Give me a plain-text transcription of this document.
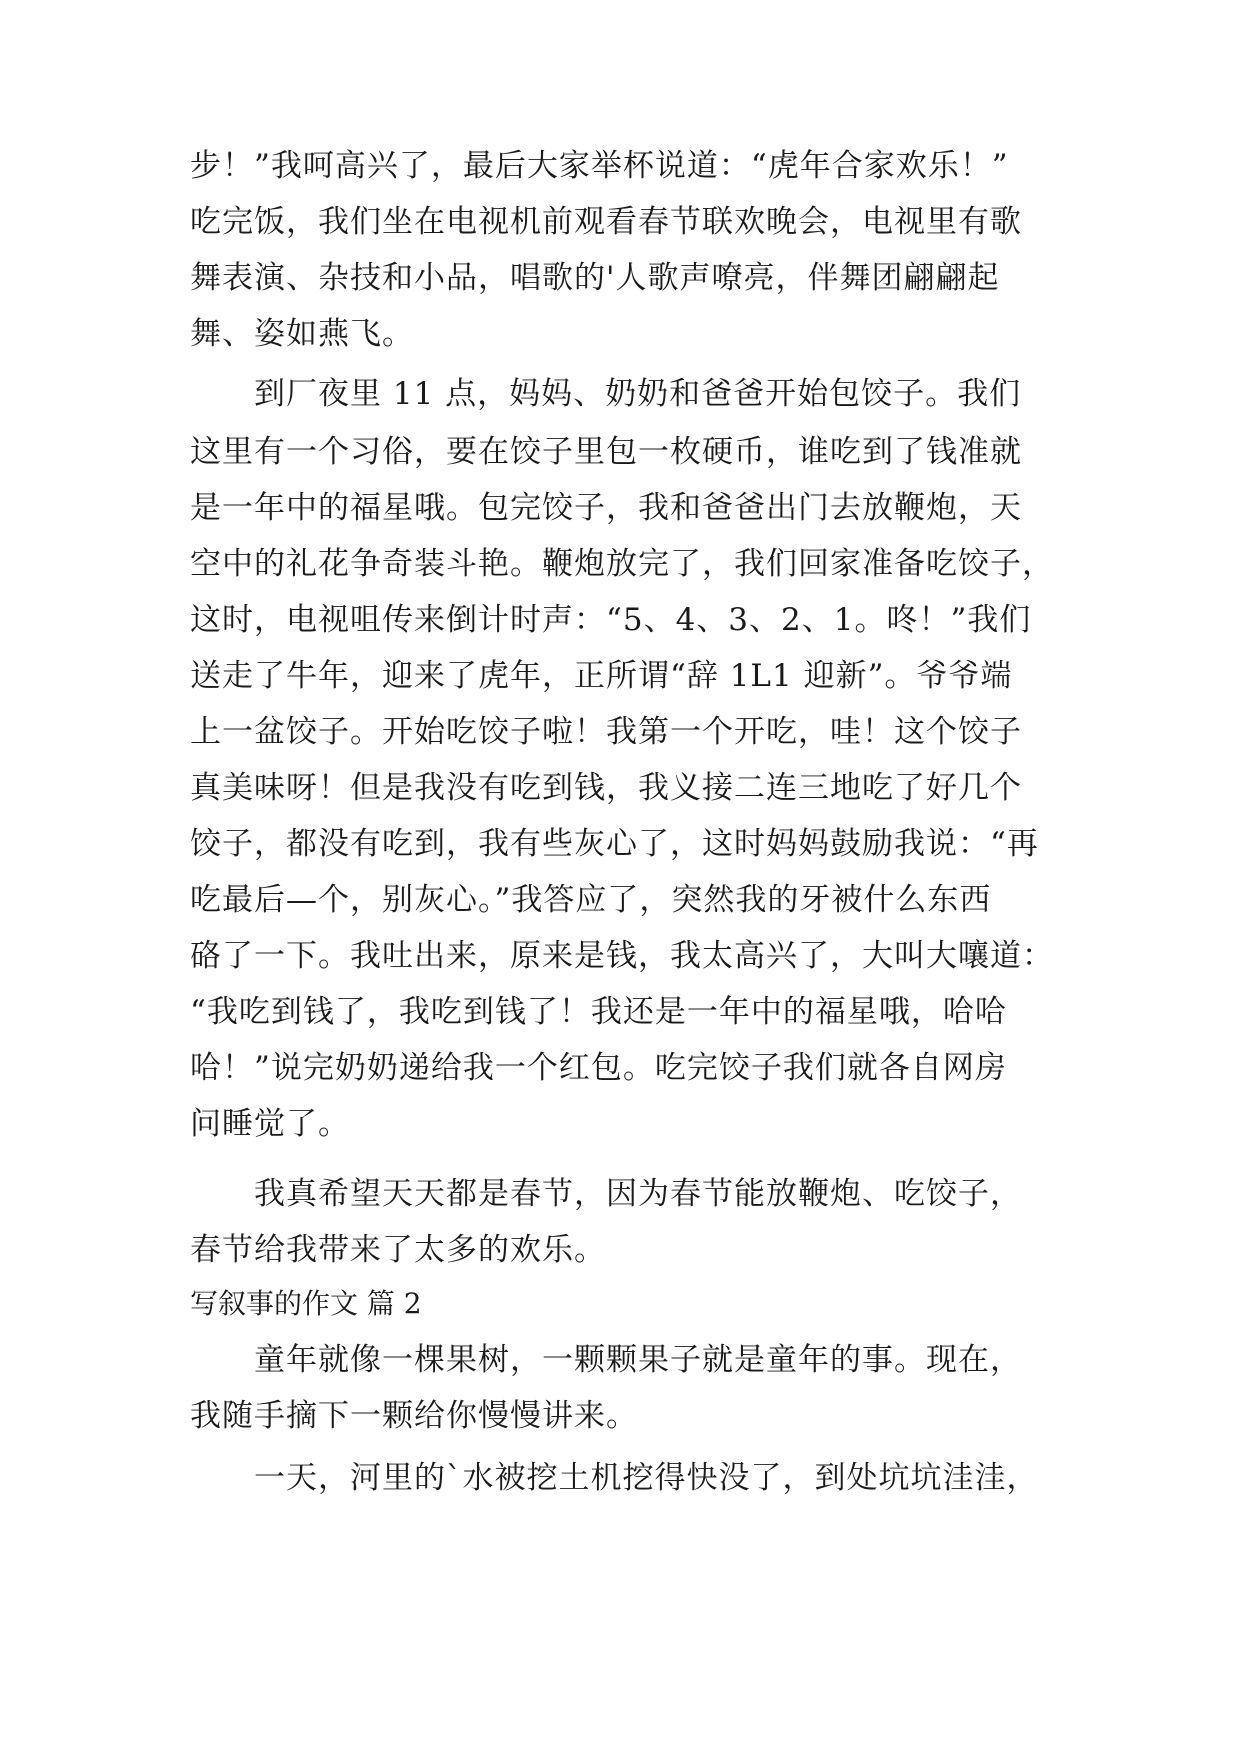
步！”我呵高兴了，最后大家举杯说道：“虎年合家欢乐！”
吃完饭，我们坐在电视机前观看春节联欢晚会，电视里有歌
舞表演、杂技和小品，唱歌的'人歌声嘹亮，伴舞团翩翩起
舞、姿如燕飞。
到厂夜里 11 点，妈妈、奶奶和爸爸开始包饺子。我们
这里有一个习俗，要在饺子里包一枚硬币，谁吃到了钱准就
是一年中的福星哦。包完饺子，我和爸爸出门去放鞭炮，天
空中的礼花争奇装斗艳。鞭炮放完了，我们回家准备吃饺子，
这时，电视咀传来倒计时声：“5、4、3、2、1。咚！”我们
送走了牛年，迎来了虎年，正所谓“辞 1L1 迎新”。爷爷端
上一盆饺子。开始吃饺子啦！我第一个开吃，哇！这个饺子
真美味呀！但是我没有吃到钱，我义接二连三地吃了好几个
饺子，都没有吃到，我有些灰心了，这时妈妈鼓励我说：“再
吃最后—个，别灰心。”我答应了，突然我的牙被什么东西
硌了一下。我吐出来，原来是钱，我太高兴了，大叫大嚷道：
“我吃到钱了，我吃到钱了！我还是一年中的福星哦，哈哈
哈！”说完奶奶递给我一个红包。吃完饺子我们就各自网房
问睡觉了。
我真希望天天都是春节，因为春节能放鞭炮、吃饺子，
春节给我带来了太多的欢乐。
写叙事的作文 篇 2
童年就像一棵果树，一颗颗果子就是童年的事。现在，
我随手摘下一颗给你慢慢讲来。
一天，河里的`水被挖土机挖得快没了，到处坑坑洼洼，
